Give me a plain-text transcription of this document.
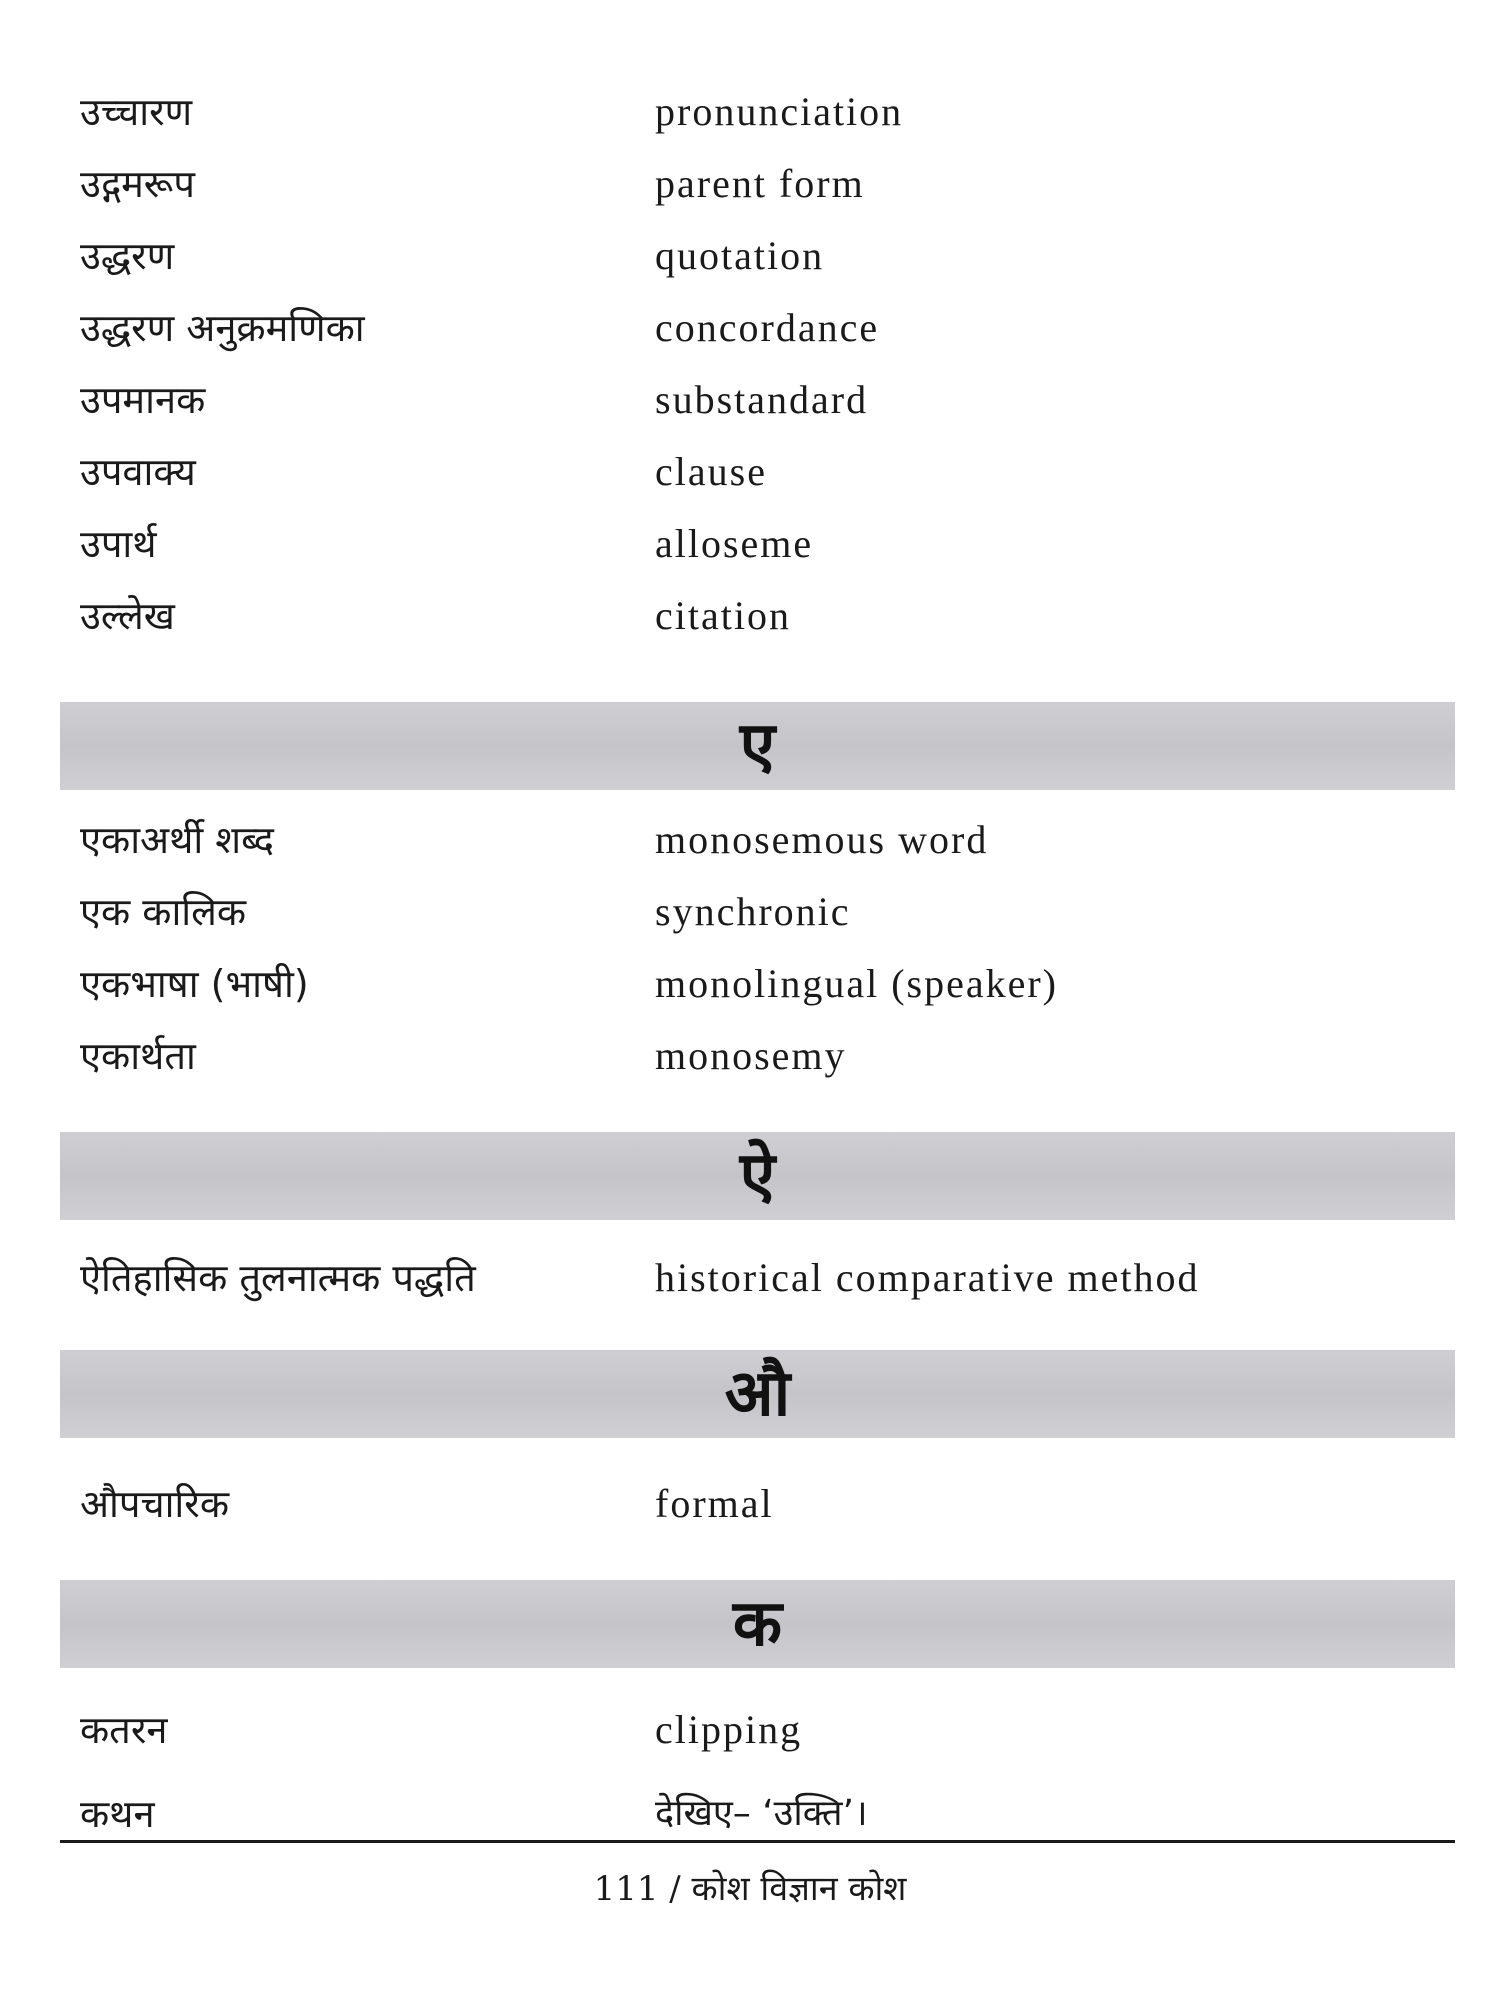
उच्चारण	pronunciation
उद्गमरूप	parent form
उद्धरण	quotation
उद्धरण अनुक्रमणिका	concordance
उपमानक	substandard
उपवाक्य	clause
उपार्थ	alloseme
उल्लेख	citation
ए
एकाअर्थी शब्द	monosemous word
एक कालिक	synchronic
एकभाषा (भाषी)	monolingual (speaker)
एकार्थता	monosemy
ऐ
ऐतिहासिक तुलनात्मक पद्धति	historical comparative method
औ
औपचारिक	formal
क
कतरन	clipping
कथन	देखिए– ‘उक्ति’।
111 / कोश विज्ञान कोश
